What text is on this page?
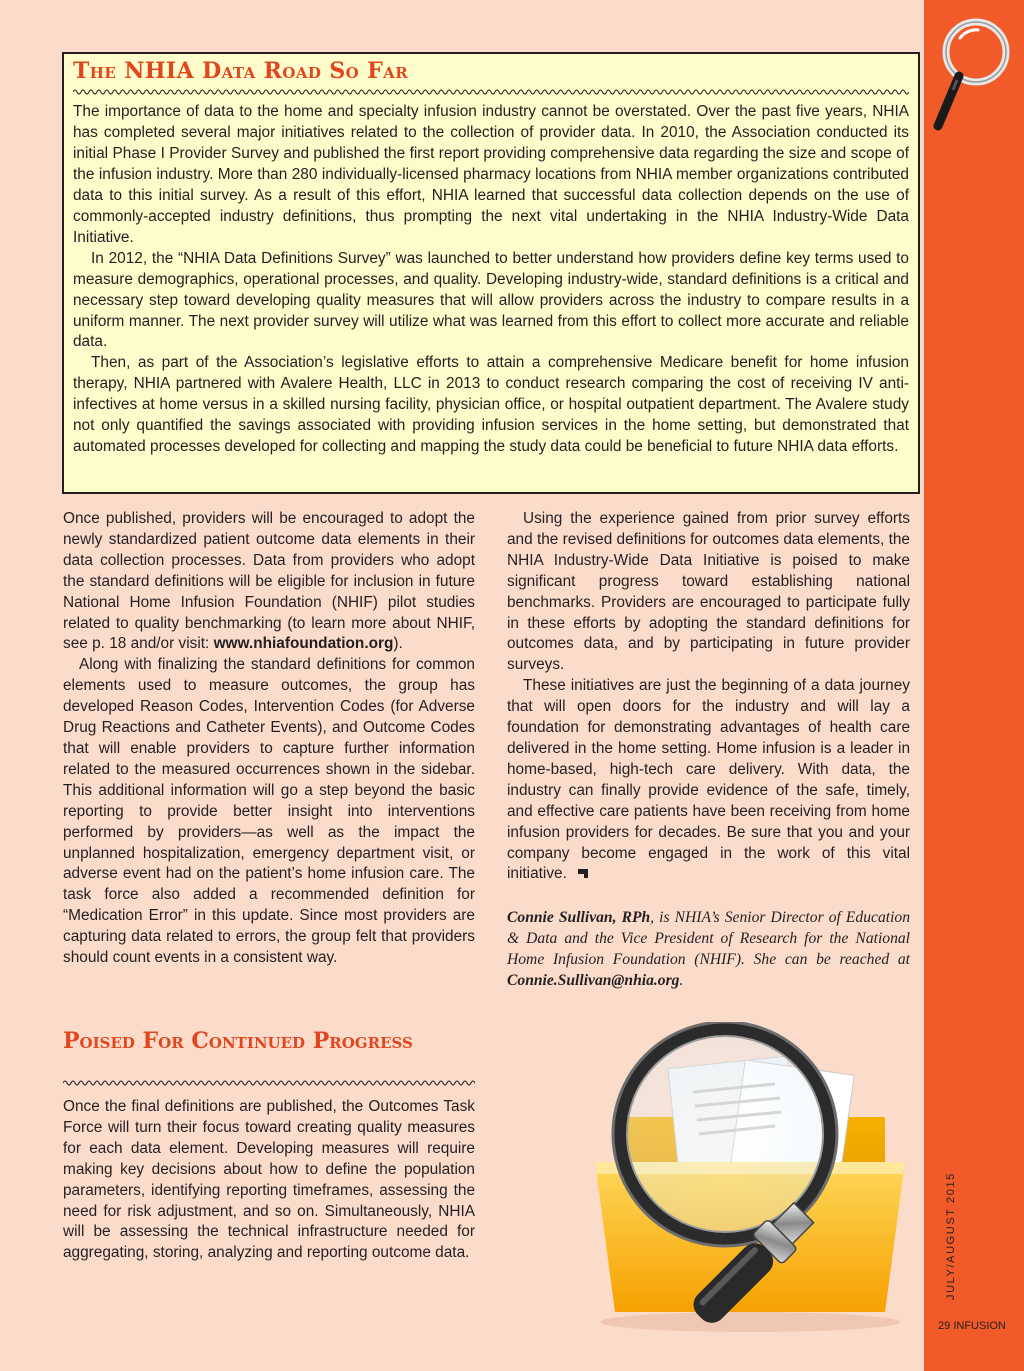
JULY/AUGUST 2015
29 INFUSION
The NHIA Data Road So Far

The importance of data to the home and specialty infusion industry cannot be overstated. Over the past five years, NHIA has completed several major initiatives related to the collection of provider data. In 2010, the Association conducted its initial Phase I Provider Survey and published the first report providing comprehensive data regarding the size and scope of the infusion industry. More than 280 individually-licensed pharmacy locations from NHIA member organizations contributed data to this initial survey. As a result of this effort, NHIA learned that successful data collection depends on the use of commonly-accepted industry definitions, thus prompting the next vital undertaking in the NHIA Industry-Wide Data Initiative.

In 2012, the “NHIA Data Definitions Survey” was launched to better understand how providers define key terms used to measure demographics, operational processes, and quality. Developing industry-wide, standard definitions is a critical and necessary step toward developing quality measures that will allow providers across the industry to compare results in a uniform manner. The next provider survey will utilize what was learned from this effort to collect more accurate and reliable data.

Then, as part of the Association’s legislative efforts to attain a comprehensive Medicare benefit for home infusion therapy, NHIA partnered with Avalere Health, LLC in 2013 to conduct research comparing the cost of receiving IV anti-infectives at home versus in a skilled nursing facility, physician office, or hospital outpatient department. The Avalere study not only quantified the savings associated with providing infusion services in the home setting, but demonstrated that automated processes developed for collecting and mapping the study data could be beneficial to future NHIA data efforts.

Once published, providers will be encouraged to adopt the newly standardized patient outcome data elements in their data collection processes. Data from providers who adopt the standard definitions will be eligible for inclusion in future National Home Infusion Foundation (NHIF) pilot studies related to quality benchmarking (to learn more about NHIF, see p. 18 and/or visit: www.nhiafoundation.org).

Along with finalizing the standard definitions for common elements used to measure outcomes, the group has developed Reason Codes, Intervention Codes (for Adverse Drug Reactions and Catheter Events), and Outcome Codes that will enable providers to capture further information related to the measured occurrences shown in the sidebar. This additional information will go a step beyond the basic reporting to provide better insight into interventions performed by providers—as well as the impact the unplanned hospitalization, emergency department visit, or adverse event had on the patient’s home infusion care. The task force also added a recommended definition for “Medication Error” in this update. Since most providers are capturing data related to errors, the group felt that providers should count events in a consistent way.

Poised For Continued Progress

Once the final definitions are published, the Outcomes Task Force will turn their focus toward creating quality measures for each data element. Developing measures will require making key decisions about how to define the population parameters, identifying reporting timeframes, assessing the need for risk adjustment, and so on. Simultaneously, NHIA will be assessing the technical infrastructure needed for aggregating, storing, analyzing and reporting outcome data.

Using the experience gained from prior survey efforts and the revised definitions for outcomes data elements, the NHIA Industry-Wide Data Initiative is poised to make significant progress toward establishing national benchmarks. Providers are encouraged to participate fully in these efforts by adopting the standard definitions for outcomes data, and by participating in future provider surveys.

These initiatives are just the beginning of a data journey that will open doors for the industry and will lay a foundation for demonstrating advantages of health care delivered in the home setting. Home infusion is a leader in home-based, high-tech care delivery. With data, the industry can finally provide evidence of the safe, timely, and effective care patients have been receiving from home infusion providers for decades. Be sure that you and your company become engaged in the work of this vital initiative.

Connie Sullivan, RPh, is NHIA’s Senior Director of Education & Data and the Vice President of Research for the National Home Infusion Foundation (NHIF). She can be reached at Connie.Sullivan@nhia.org.
